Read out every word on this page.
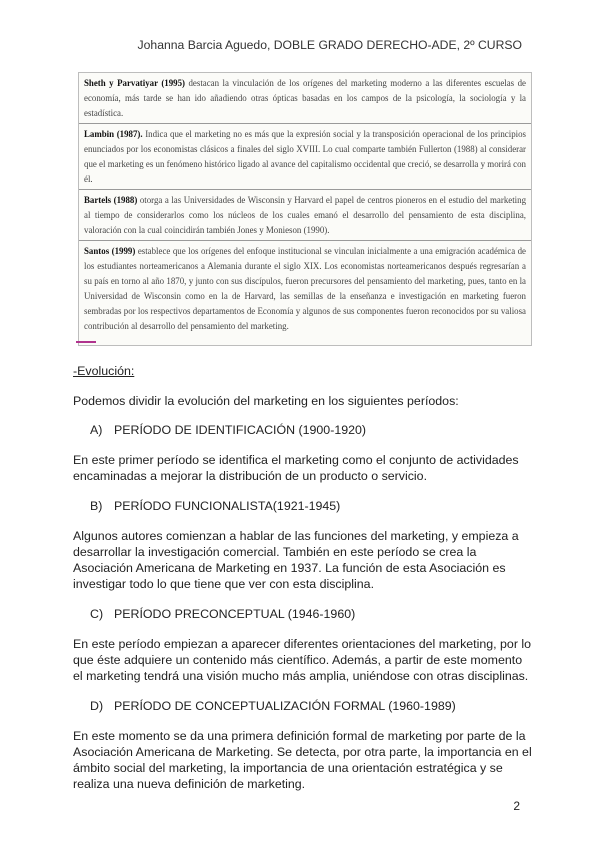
Johanna Barcia Aguedo, DOBLE GRADO DERECHO-ADE, 2º CURSO
Sheth y Parvatiyar (1995) destacan la vinculación de los orígenes del marketing moderno a las diferentes escuelas de economía, más tarde se han ido añadiendo otras ópticas basadas en los campos de la psicología, la sociología y la estadística.
Lambin (1987). Indica que el marketing no es más que la expresión social y la transposición operacional de los principios enunciados por los economistas clásicos a finales del siglo XVIII. Lo cual comparte también Fullerton (1988) al considerar que el marketing es un fenómeno histórico ligado al avance del capitalismo occidental que creció, se desarrolla y morirá con él.
Bartels (1988) otorga a las Universidades de Wisconsin y Harvard el papel de centros pioneros en el estudio del marketing al tiempo de considerarlos como los núcleos de los cuales emanó el desarrollo del pensamiento de esta disciplina, valoración con la cual coincidirán también Jones y Monieson (1990).
Santos (1999) establece que los orígenes del enfoque institucional se vinculan inicialmente a una emigración académica de los estudiantes norteamericanos a Alemania durante el siglo XIX. Los economistas norteamericanos después regresarían a su país en torno al año 1870, y junto con sus discípulos, fueron precursores del pensamiento del marketing, pues, tanto en la Universidad de Wisconsin como en la de Harvard, las semillas de la enseñanza e investigación en marketing fueron sembradas por los respectivos departamentos de Economía y algunos de sus componentes fueron reconocidos por su valiosa contribución al desarrollo del pensamiento del marketing.
-Evolución:
Podemos dividir la evolución del marketing en los siguientes períodos:
A) PERÍODO DE IDENTIFICACIÓN (1900-1920)
En este primer período se identifica el marketing como el conjunto de actividades encaminadas a mejorar la distribución de un producto o servicio.
B) PERÍODO FUNCIONALISTA(1921-1945)
Algunos autores comienzan a hablar de las funciones del marketing, y empieza a desarrollar la investigación comercial. También en este período se crea la Asociación Americana de Marketing en 1937. La función de esta Asociación es investigar todo lo que tiene que ver con esta disciplina.
C) PERÍODO PRECONCEPTUAL (1946-1960)
En este período empiezan a aparecer diferentes orientaciones del marketing, por lo que éste adquiere un contenido más científico. Además, a partir de este momento el marketing tendrá una visión mucho más amplia, uniéndose con otras disciplinas.
D) PERÍODO DE CONCEPTUALIZACIÓN FORMAL (1960-1989)
En este momento se da una primera definición formal de marketing por parte de la Asociación Americana de Marketing. Se detecta, por otra parte, la importancia en el ámbito social del marketing, la importancia de una orientación estratégica y se realiza una nueva definición de marketing.
2
